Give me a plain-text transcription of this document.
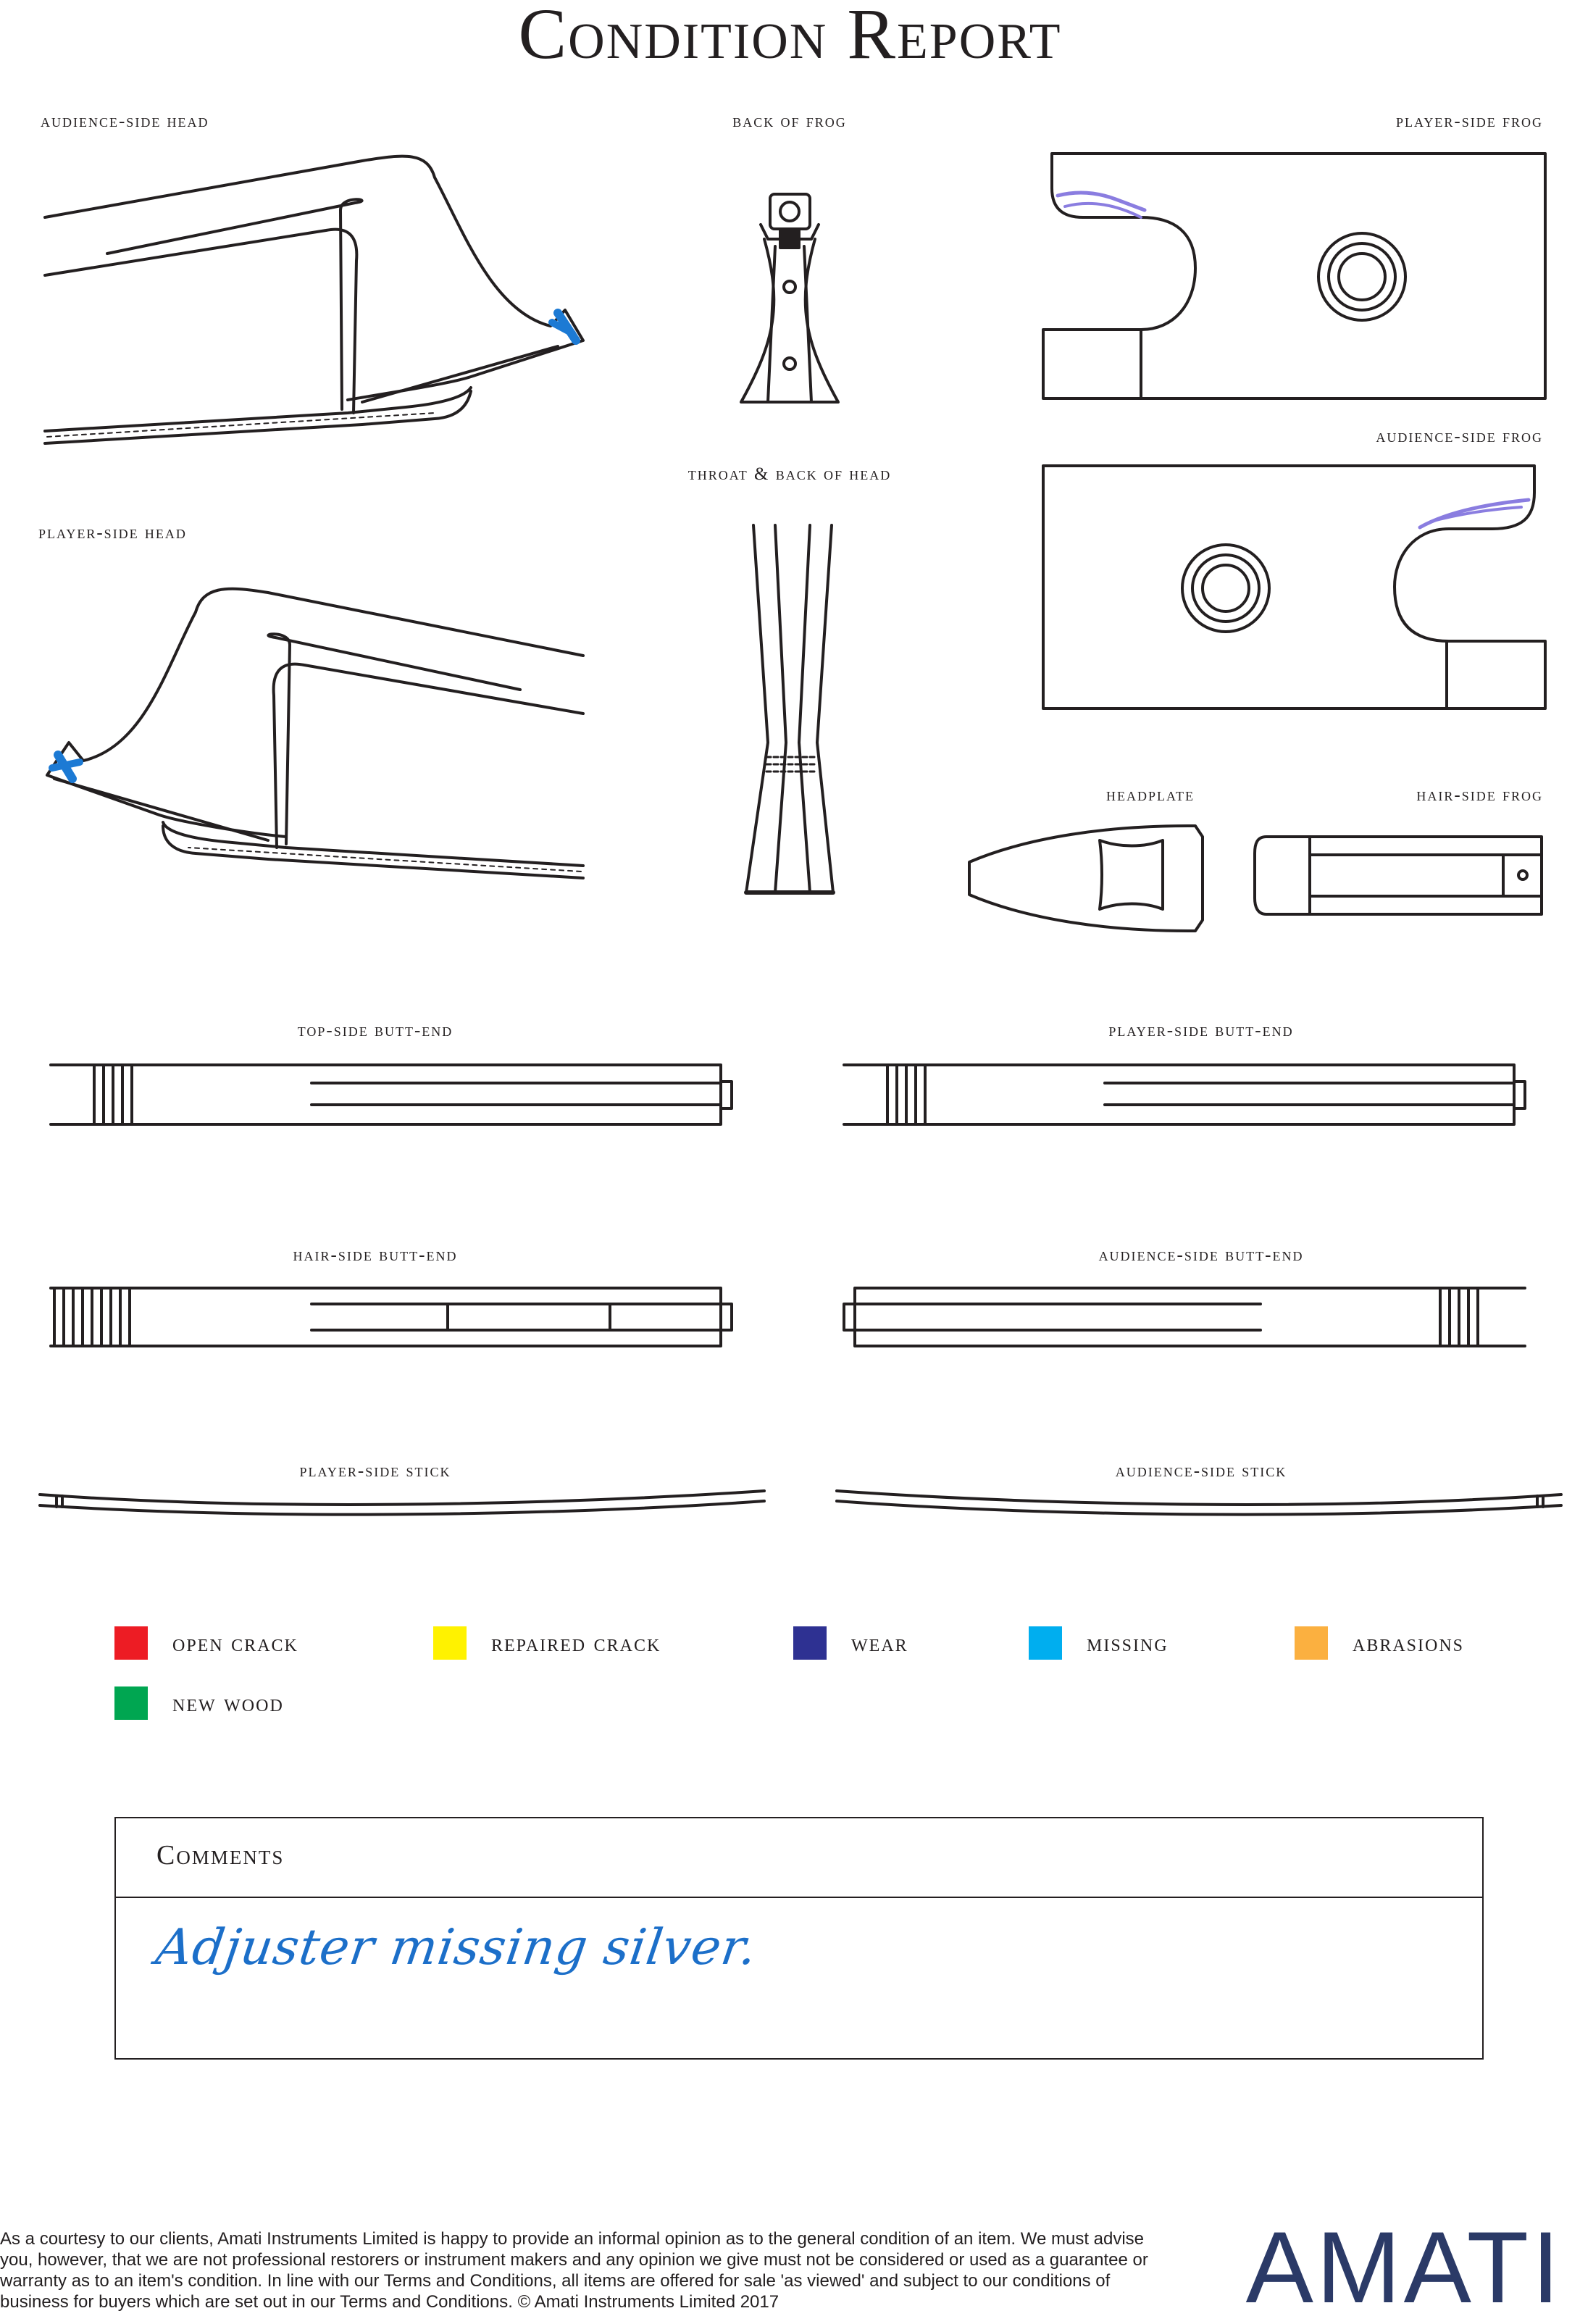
Condition Report
audience-side head	back of frog	player-side frog
throat & back of head
audience-side frog
player-side head
headplate	hair-side frog
top-side butt-end	player-side butt-end
hair-side butt-end	audience-side butt-end
player-side stick	audience-side stick
open crack	repaired crack	wear	missing	abrasions
new wood
Comments
Adjuster missing silver.
As a courtesy to our clients, Amati Instruments Limited is happy to provide an informal opinion as to the general condition of an item. We must advise you, however, that we are not professional restorers or instrument makers and any opinion we give must not be considered or used as a guarantee or warranty as to an item's condition. In line with our Terms and Conditions, all items are offered for sale 'as viewed' and subject to our conditions of business for buyers which are set out in our Terms and Conditions. © Amati Instruments Limited 2017	AMATI
